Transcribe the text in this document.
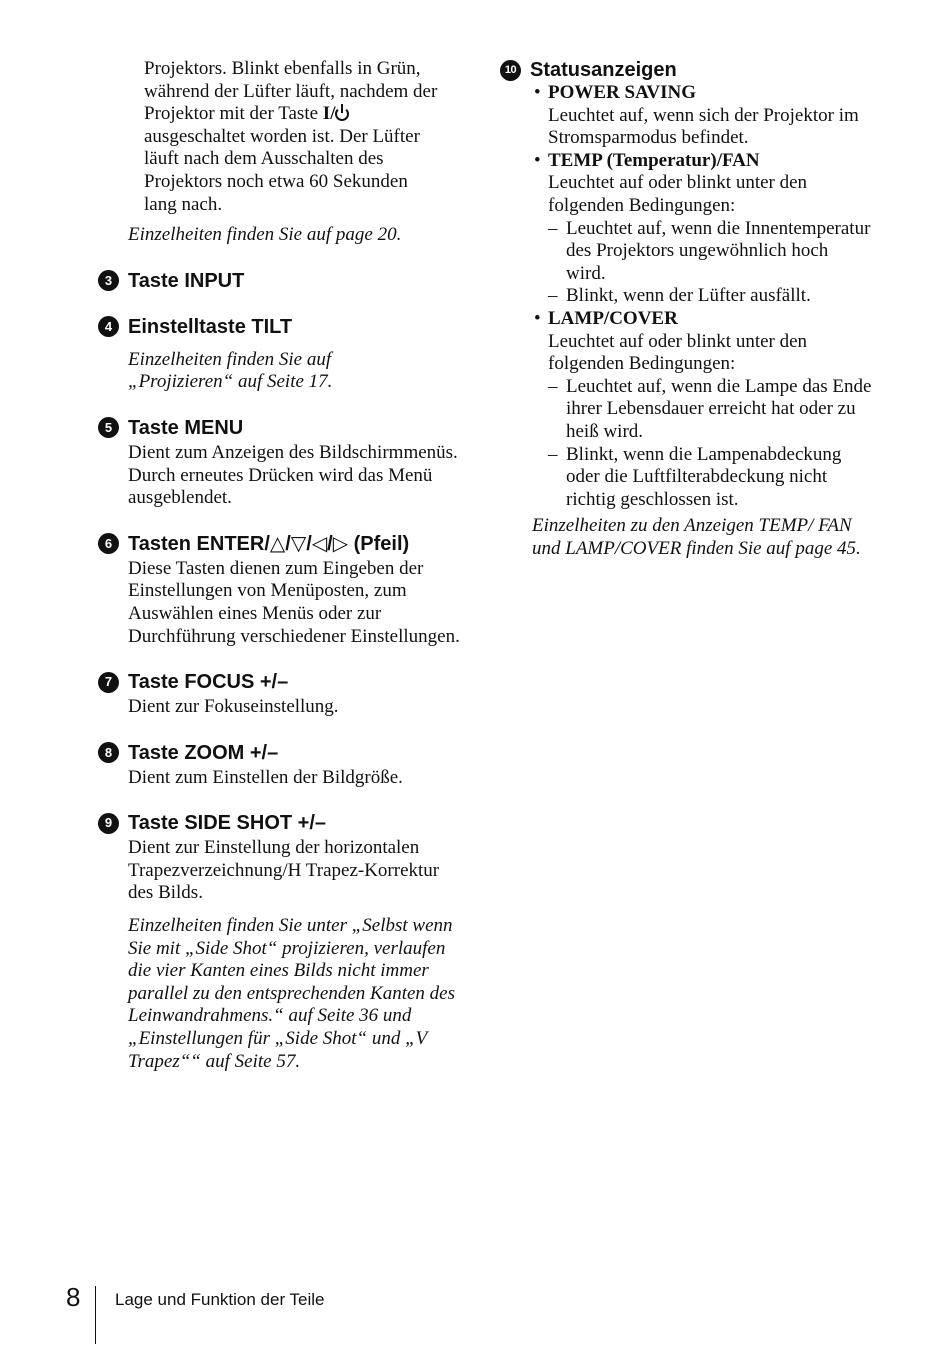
Projektors. Blinkt ebenfalls in Grün,
während der Lüfter läuft, nachdem der
Projektor mit der Taste I/
ausgeschaltet worden ist. Der Lüfter
läuft nach dem Ausschalten des
Projektors noch etwa 60 Sekunden
lang nach.

Einzelheiten finden Sie auf page 20.

3 Taste INPUT
4 Einstelltaste TILT

Einzelheiten finden Sie auf „Projizieren“ auf Seite 17.

5 Taste MENU

Dient zum Anzeigen des Bildschirmmenüs. Durch erneutes Drücken wird das Menü ausgeblendet.

6 Tasten ENTER/△/▽/◁/▷ (Pfeil)

Diese Tasten dienen zum Eingeben der Einstellungen von Menüposten, zum Auswählen eines Menüs oder zur Durchführung verschiedener Einstellungen.

7 Taste FOCUS +/–

Dient zur Fokuseinstellung.

8 Taste ZOOM +/–

Dient zum Einstellen der Bildgröße.

9 Taste SIDE SHOT +/–

Dient zur Einstellung der horizontalen Trapezverzeichnung/H Trapez-Korrektur des Bilds.

Einzelheiten finden Sie unter „Selbst wenn Sie mit „Side Shot“ projizieren, verlaufen die vier Kanten eines Bilds nicht immer parallel zu den entsprechenden Kanten des Leinwandrahmens.“ auf Seite 36 und „Einstellungen für „Side Shot“ und „V Trapez““ auf Seite 57.

10 Statusanzeigen
• POWER SAVING
Leuchtet auf, wenn sich der Projektor im Stromsparmodus befindet.
• TEMP (Temperatur)/FAN
Leuchtet auf oder blinkt unter den folgenden Bedingungen:
– Leuchtet auf, wenn die Innentemperatur des Projektors ungewöhnlich hoch wird.
– Blinkt, wenn der Lüfter ausfällt.
• LAMP/COVER
Leuchtet auf oder blinkt unter den folgenden Bedingungen:
– Leuchtet auf, wenn die Lampe das Ende ihrer Lebensdauer erreicht hat oder zu heiß wird.
– Blinkt, wenn die Lampenabdeckung oder die Luftfilterabdeckung nicht richtig geschlossen ist.

Einzelheiten zu den Anzeigen TEMP/ FAN und LAMP/COVER finden Sie auf page 45.

8 Lage und Funktion der Teile
